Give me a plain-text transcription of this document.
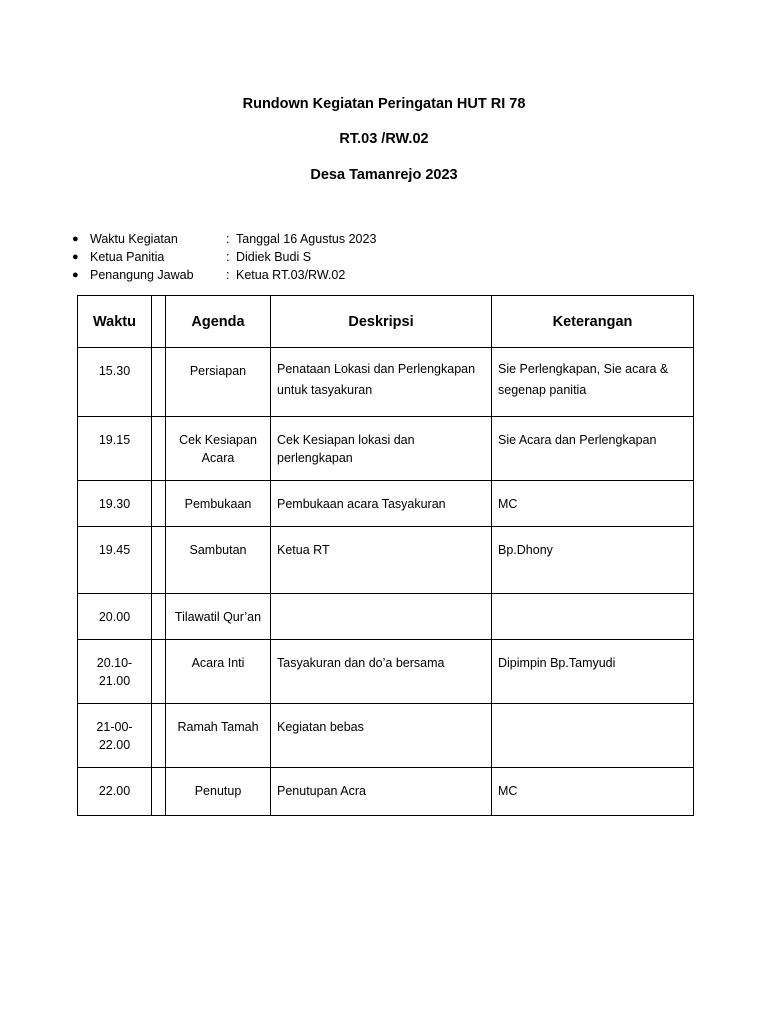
Rundown Kegiatan Peringatan HUT RI 78
RT.03 /RW.02
Desa Tamanrejo 2023
● Waktu Kegiatan	: Tanggal 16 Agustus 2023
● Ketua Panitia	: Didiek Budi S
● Penangung Jawab	: Ketua RT.03/RW.02
Waktu		Agenda	Deskripsi	Keterangan
15.30		Persiapan	Penataan Lokasi dan Perlengkapan untuk tasyakuran	Sie Perlengkapan, Sie acara & segenap panitia
19.15		Cek Kesiapan Acara	Cek Kesiapan lokasi dan perlengkapan	Sie Acara dan Perlengkapan
19.30		Pembukaan	Pembukaan acara Tasyakuran	MC
19.45		Sambutan	Ketua RT	Bp.Dhony
20.00		Tilawatil Qur’an		
20.10-21.00		Acara Inti	Tasyakuran dan do’a bersama	Dipimpin Bp.Tamyudi
21-00-22.00		Ramah Tamah	Kegiatan bebas	
22.00		Penutup	Penutupan Acra	MC
